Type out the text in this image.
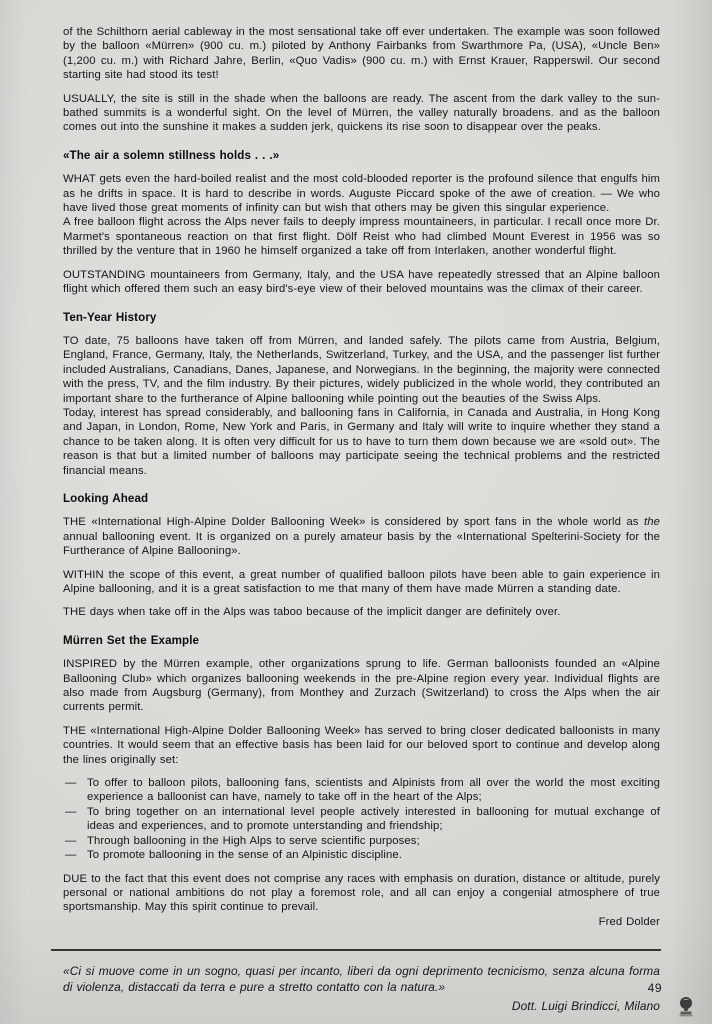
of the Schilthorn aerial cableway in the most sensational take off ever undertaken. The example was soon followed by the balloon «Mürren» (900 cu. m.) piloted by Anthony Fairbanks from Swarthmore Pa, (USA), «Uncle Ben» (1,200 cu. m.) with Richard Jahre, Berlin, «Quo Vadis» (900 cu. m.) with Ernst Krauer, Rapperswil. Our second starting site had stood its test!

USUALLY, the site is still in the shade when the balloons are ready. The ascent from the dark valley to the sun-bathed summits is a wonderful sight. On the level of Mürren, the valley naturally broadens. and as the balloon comes out into the sunshine it makes a sudden jerk, quickens its rise soon to disappear over the peaks.

«The air a solemn stillness holds . . .»

WHAT gets even the hard-boiled realist and the most cold-blooded reporter is the profound silence that engulfs him as he drifts in space. It is hard to describe in words. Auguste Piccard spoke of the awe of creation. — We who have lived those great moments of infinity can but wish that others may be given this singular experience.

A free balloon flight across the Alps never fails to deeply impress mountaineers, in particular. I recall once more Dr. Marmet's spontaneous reaction on that first flight. Dölf Reist who had climbed Mount Everest in 1956 was so thrilled by the venture that in 1960 he himself organized a take off from Interlaken, another wonderful flight.

OUTSTANDING mountaineers from Germany, Italy, and the USA have repeatedly stressed that an Alpine balloon flight which offered them such an easy bird's-eye view of their beloved mountains was the climax of their career.

Ten-Year History

TO date, 75 balloons have taken off from Mürren, and landed safely. The pilots came from Austria, Belgium, England, France, Germany, Italy, the Netherlands, Switzerland, Turkey, and the USA, and the passenger list further included Australians, Canadians, Danes, Japanese, and Norwegians. In the beginning, the majority were connected with the press, TV, and the film industry. By their pictures, widely publicized in the whole world, they contributed an important share to the furtherance of Alpine ballooning while pointing out the beauties of the Swiss Alps.

Today, interest has spread considerably, and ballooning fans in California, in Canada and Australia, in Hong Kong and Japan, in London, Rome, New York and Paris, in Germany and Italy will write to inquire whether they stand a chance to be taken along. It is often very difficult for us to have to turn them down because we are «sold out». The reason is that but a limited number of balloons may participate seeing the technical problems and the restricted financial means.

Looking Ahead

THE «International High-Alpine Dolder Ballooning Week» is considered by sport fans in the whole world as the annual ballooning event. It is organized on a purely amateur basis by the «International Spelterini-Society for the Furtherance of Alpine Ballooning».

WITHIN the scope of this event, a great number of qualified balloon pilots have been able to gain experience in Alpine ballooning, and it is a great satisfaction to me that many of them have made Mürren a standing date.

THE days when take off in the Alps was taboo because of the implicit danger are definitely over.

Mürren Set the Example

INSPIRED by the Mürren example, other organizations sprung to life. German balloonists founded an «Alpine Ballooning Club» which organizes ballooning weekends in the pre-Alpine region every year. Individual flights are also made from Augsburg (Germany), from Monthey and Zurzach (Switzerland) to cross the Alps when the air currents permit.

THE «International High-Alpine Dolder Ballooning Week» has served to bring closer dedicated balloonists in many countries. It would seem that an effective basis has been laid for our beloved sport to continue and develop along the lines originally set:

— To offer to balloon pilots, ballooning fans, scientists and Alpinists from all over the world the most exciting experience a balloonist can have, namely to take off in the heart of the Alps;
— To bring together on an international level people actively interested in ballooning for mutual exchange of ideas and experiences, and to promote unterstanding and friendship;
— Through ballooning in the High Alps to serve scientific purposes;
— To promote ballooning in the sense of an Alpinistic discipline.

DUE to the fact that this event does not comprise any races with emphasis on duration, distance or altitude, purely personal or national ambitions do not play a foremost role, and all can enjoy a congenial atmosphere of true sportsmanship. May this spirit continue to prevail.

Fred Dolder

«Ci si muove come in un sogno, quasi per incanto, liberi da ogni deprimento tecnicismo, senza alcuna forma di violenza, distaccati da terra e pure a stretto contatto con la natura.»

Dott. Luigi Brindicci, Milano

49
